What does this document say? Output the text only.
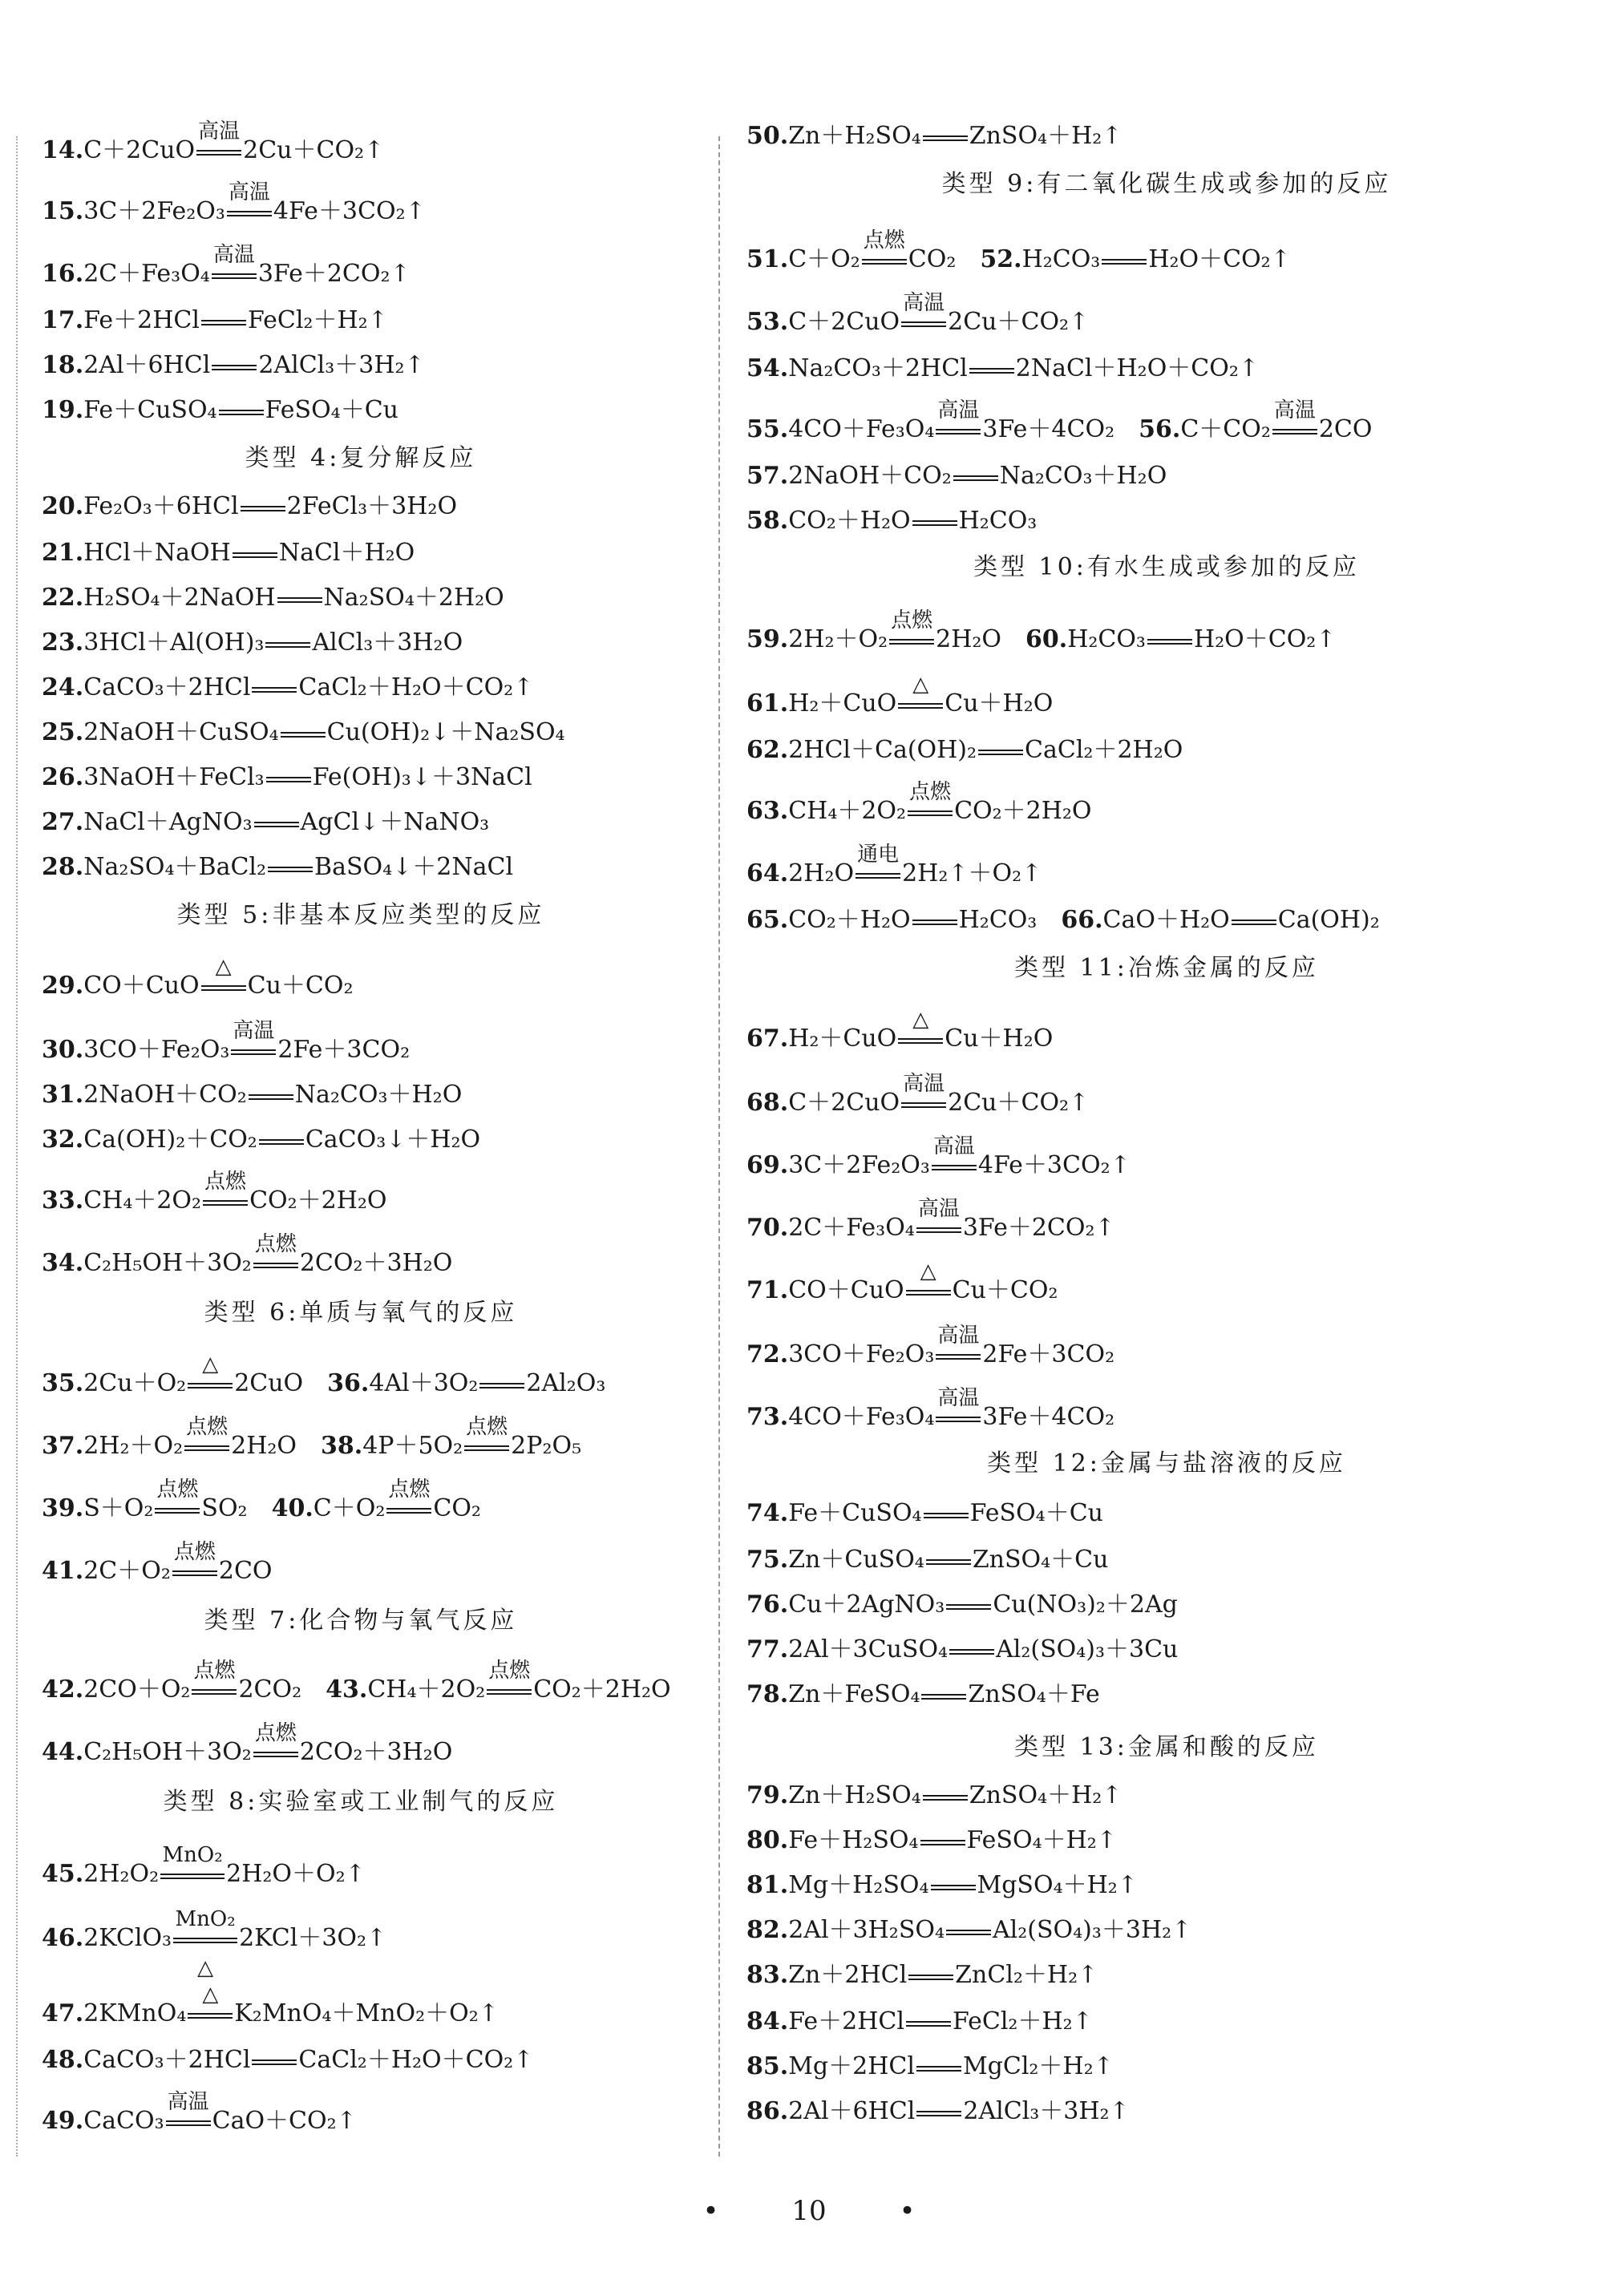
14.C＋2CuO
高温
2Cu＋CO₂↑
15.3C＋2Fe₂O₃
高温
4Fe＋3CO₂↑
16.2C＋Fe₃O₄
高温
3Fe＋2CO₂↑
17.Fe＋2HCl FeCl₂＋H₂↑
18.2Al＋6HCl 2AlCl₃＋3H₂↑
19.Fe＋CuSO₄ FeSO₄＋Cu
20.Fe₂O₃＋6HCl 2FeCl₃＋3H₂O
21.HCl＋NaOH NaCl＋H₂O
22.H₂SO₄＋2NaOH Na₂SO₄＋2H₂O
23.3HCl＋Al(OH)₃ AlCl₃＋3H₂O
24.CaCO₃＋2HCl CaCl₂＋H₂O＋CO₂↑
25.2NaOH＋CuSO₄ Cu(OH)₂↓＋Na₂SO₄
26.3NaOH＋FeCl₃ Fe(OH)₃↓＋3NaCl
27.NaCl＋AgNO₃ AgCl↓＋NaNO₃
28.Na₂SO₄＋BaCl₂ BaSO₄↓＋2NaCl
29.CO＋CuO
△
Cu＋CO₂
30.3CO＋Fe₂O₃
高温
2Fe＋3CO₂
31.2NaOH＋CO₂ Na₂CO₃＋H₂O
32.Ca(OH)₂＋CO₂ CaCO₃↓＋H₂O
33.CH₄＋2O₂
点燃
CO₂＋2H₂O
34.C₂H₅OH＋3O₂
点燃
2CO₂＋3H₂O
35.2Cu＋O₂
△
2CuO  36.4Al＋3O₂ 2Al₂O₃
37.2H₂＋O₂
点燃
2H₂O  38.4P＋5O₂
点燃
2P₂O₅
39.S＋O₂
点燃
SO₂  40.C＋O₂
点燃
CO₂
41.2C＋O₂
点燃
2CO
42.2CO＋O₂
点燃
2CO₂  43.CH₄＋2O₂
点燃
CO₂＋2H₂O
44.C₂H₅OH＋3O₂
点燃
2CO₂＋3H₂O
45.2H₂O₂
MnO₂
2H₂O＋O₂↑
46.2KClO₃
MnO₂
△
2KCl＋3O₂↑
47.2KMnO₄
△
K₂MnO₄＋MnO₂＋O₂↑
48.CaCO₃＋2HCl CaCl₂＋H₂O＋CO₂↑
49.CaCO₃
高温
CaO＋CO₂↑
类型 4:复分解反应
类型 5:非基本反应类型的反应
类型 6:单质与氧气的反应
类型 7:化合物与氧气反应
类型 8:实验室或工业制气的反应
50.Zn＋H₂SO₄ ZnSO₄＋H₂↑
51.C＋O₂
点燃
CO₂  52.H₂CO₃ H₂O＋CO₂↑
53.C＋2CuO
高温
2Cu＋CO₂↑
54.Na₂CO₃＋2HCl 2NaCl＋H₂O＋CO₂↑
55.4CO＋Fe₃O₄
高温
3Fe＋4CO₂  56.C＋CO₂
高温
2CO
57.2NaOH＋CO₂ Na₂CO₃＋H₂O
58.CO₂＋H₂O H₂CO₃
59.2H₂＋O₂
点燃
2H₂O  60.H₂CO₃ H₂O＋CO₂↑
61.H₂＋CuO
△
Cu＋H₂O
62.2HCl＋Ca(OH)₂ CaCl₂＋2H₂O
63.CH₄＋2O₂
点燃
CO₂＋2H₂O
64.2H₂O
通电
2H₂↑＋O₂↑
65.CO₂＋H₂O H₂CO₃  66.CaO＋H₂O Ca(OH)₂
67.H₂＋CuO
△
Cu＋H₂O
68.C＋2CuO
高温
2Cu＋CO₂↑
69.3C＋2Fe₂O₃
高温
4Fe＋3CO₂↑
70.2C＋Fe₃O₄
高温
3Fe＋2CO₂↑
71.CO＋CuO
△
Cu＋CO₂
72.3CO＋Fe₂O₃
高温
2Fe＋3CO₂
73.4CO＋Fe₃O₄
高温
3Fe＋4CO₂
74.Fe＋CuSO₄ FeSO₄＋Cu
75.Zn＋CuSO₄ ZnSO₄＋Cu
76.Cu＋2AgNO₃ Cu(NO₃)₂＋2Ag
77.2Al＋3CuSO₄ Al₂(SO₄)₃＋3Cu
78.Zn＋FeSO₄ ZnSO₄＋Fe
79.Zn＋H₂SO₄ ZnSO₄＋H₂↑
80.Fe＋H₂SO₄ FeSO₄＋H₂↑
81.Mg＋H₂SO₄ MgSO₄＋H₂↑
82.2Al＋3H₂SO₄ Al₂(SO₄)₃＋3H₂↑
83.Zn＋2HCl ZnCl₂＋H₂↑
84.Fe＋2HCl FeCl₂＋H₂↑
85.Mg＋2HCl MgCl₂＋H₂↑
86.2Al＋6HCl 2AlCl₃＋3H₂↑
类型 9:有二氧化碳生成或参加的反应
类型 10:有水生成或参加的反应
类型 11:冶炼金属的反应
类型 12:金属与盐溶液的反应
类型 13:金属和酸的反应
•	10	•
